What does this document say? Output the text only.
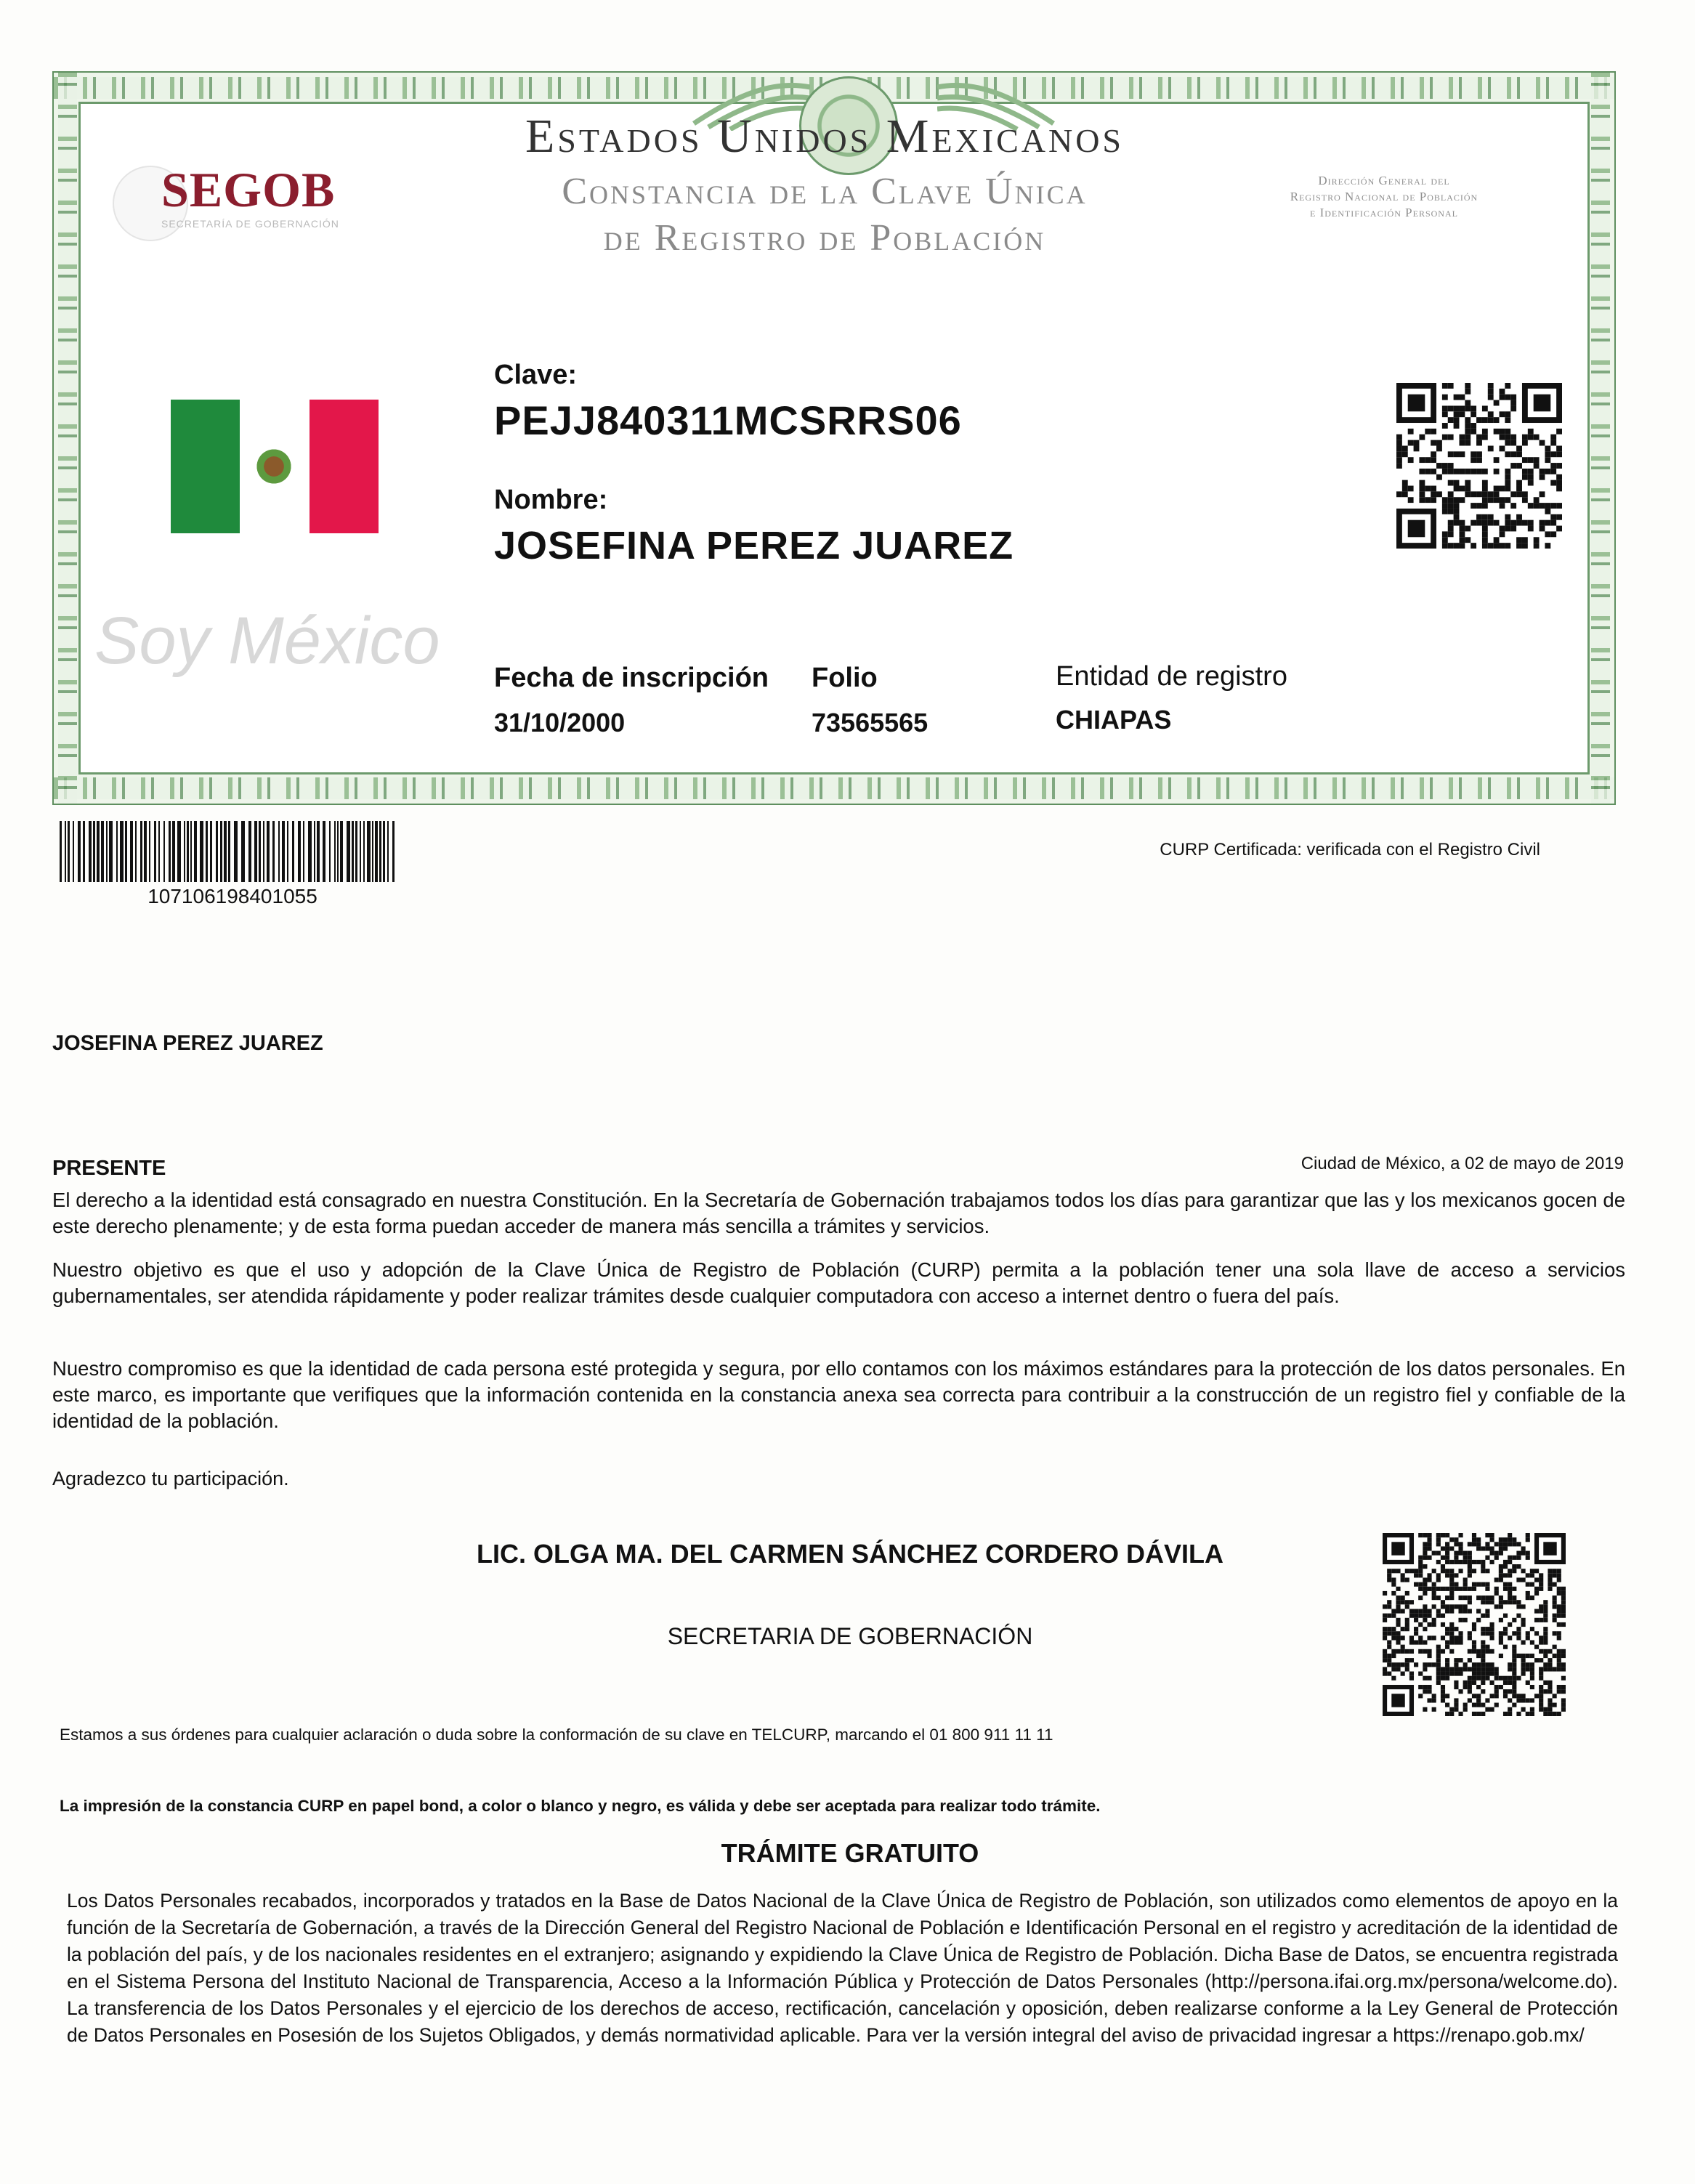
SEGOB
SECRETARÍA DE GOBERNACIÓN
Estados Unidos Mexicanos
Constancia de la Clave Única
de Registro de Población
Dirección General del
Registro Nacional de Población
e Identificación Personal
Soy México
Clave:
PEJJ840311MCSRRS06
Nombre:
JOSEFINA PEREZ JUAREZ
Fecha de inscripción
31/10/2000
Folio
73565565
Entidad de registro
CHIAPAS
107106198401055
CURP Certificada: verificada con el Registro Civil
JOSEFINA PEREZ JUAREZ
PRESENTE	Ciudad de México, a 02 de mayo de 2019
El derecho a la identidad está consagrado en nuestra Constitución. En la Secretaría de Gobernación trabajamos todos los días para garantizar que las y los mexicanos gocen de este derecho plenamente; y de esta forma puedan acceder de manera más sencilla a trámites y servicios.
Nuestro objetivo es que el uso y adopción de la Clave Única de Registro de Población (CURP) permita a la población tener una sola llave de acceso a servicios gubernamentales, ser atendida rápidamente y poder realizar trámites desde cualquier computadora con acceso a internet dentro o fuera del país.
Nuestro compromiso es que la identidad de cada persona esté protegida y segura, por ello contamos con los máximos estándares para la protección de los datos personales. En este marco, es importante que verifiques que la información contenida en la constancia anexa sea correcta para contribuir a la construcción de un registro fiel y confiable de la identidad de la población.
Agradezco tu participación.
LIC. OLGA MA. DEL CARMEN SÁNCHEZ CORDERO DÁVILA
SECRETARIA DE GOBERNACIÓN
Estamos a sus órdenes para cualquier aclaración o duda sobre la conformación de su clave en TELCURP, marcando el 01 800 911 11 11
La impresión de la constancia CURP en papel bond, a color o blanco y negro, es válida y debe ser aceptada para realizar todo trámite.
TRÁMITE GRATUITO
Los Datos Personales recabados, incorporados y tratados en la Base de Datos Nacional de la Clave Única de Registro de Población, son utilizados como elementos de apoyo en la función de la Secretaría de Gobernación, a través de la Dirección General del Registro Nacional de Población e Identificación Personal en el registro y acreditación de la identidad de la población del país, y de los nacionales residentes en el extranjero; asignando y expidiendo la Clave Única de Registro de Población. Dicha Base de Datos, se encuentra registrada en el Sistema Persona del Instituto Nacional de Transparencia, Acceso a la Información Pública y Protección de Datos Personales (http://persona.ifai.org.mx/persona/welcome.do). La transferencia de los Datos Personales y el ejercicio de los derechos de acceso, rectificación, cancelación y oposición, deben realizarse conforme a la Ley General de Protección de Datos Personales en Posesión de los Sujetos Obligados, y demás normatividad aplicable. Para ver la versión integral del aviso de privacidad ingresar a https://renapo.gob.mx/
